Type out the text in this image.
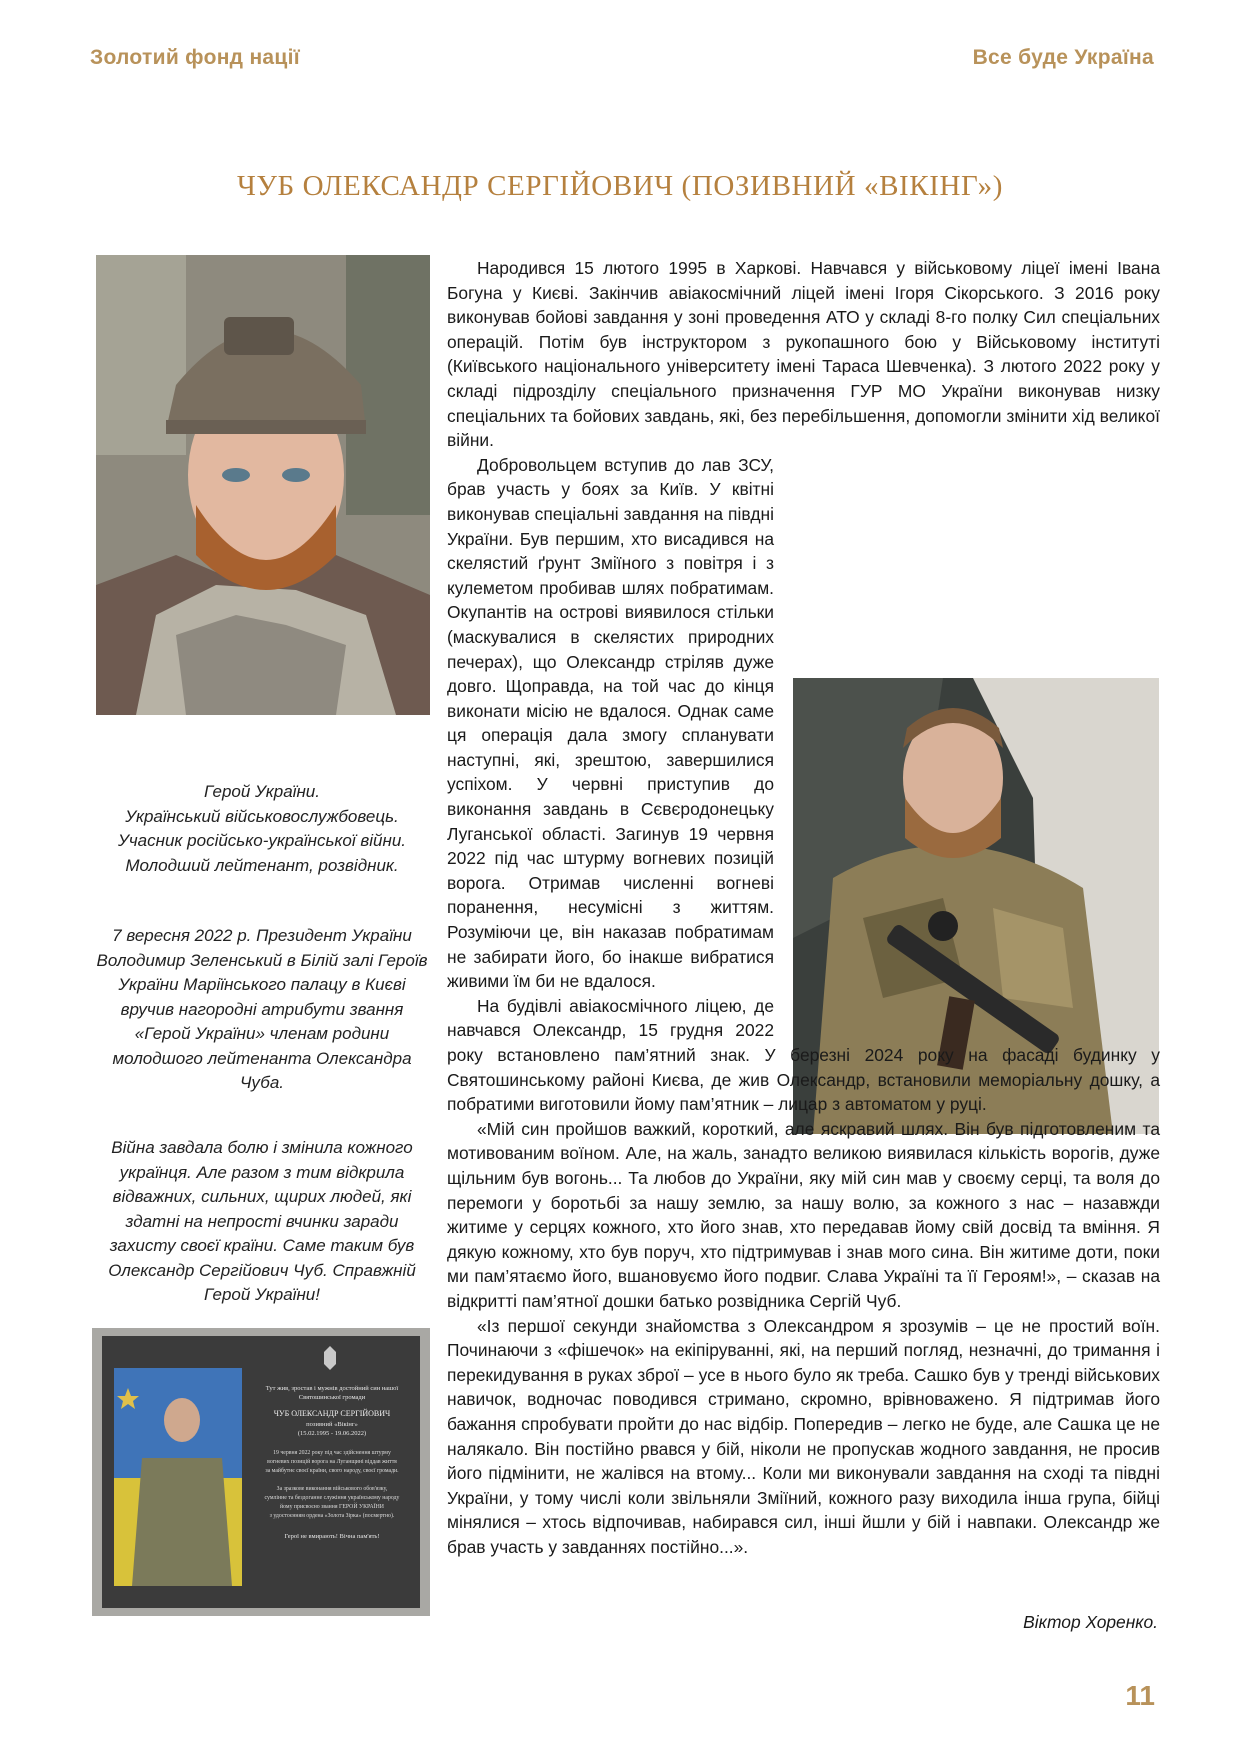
Золотий фонд нації	Все буде Україна
ЧУБ ОЛЕКСАНДР СЕРГІЙОВИЧ (ПОЗИВНИЙ «ВІКІНГ»)

Герой України.

Український військовослужбовець.

Учасник російсько-української війни.

Молодший лейтенант, розвідник.

7 вересня 2022 р. Президент України Володимир Зеленський в Білій залі Героїв України Маріїнського палацу в Києві вручив нагородні атрибути звання «Герой України» членам родини молодшого лейтенанта Олександра Чуба.

Війна завдала болю і змінила кожного українця. Але разом з тим відкрила відважних, сильних, щирих людей, які здатні на непрості вчинки заради захисту своєї країни. Саме таким був Олександр Сергійович Чуб. Справжній Герой України!

Тут жив, зростав і мужнів достойний син нашої
Святошинської громади
ЧУБ ОЛЕКСАНДР СЕРГІЙОВИЧ
позивний «Вікінг»
(15.02.1995 - 19.06.2022)
19 червня 2022 року під час здійснення штурму
вогневих позицій ворога на Луганщині віддав життя
за майбутнє своєї країни, свого народу, своєї громади.
За зразкове виконання військового обов'язку,
сумлінне та бездоганне служіння українському народу
йому присвоєно звання ГЕРОЙ УКРАЇНИ
з удостоєнням ордена «Золота Зірка» (посмертно).
Герої не вмирають! Вічна пам'ять!

Народився 15 лютого 1995 в Харкові. Навчався у військовому ліцеї імені Івана Богуна у Києві. Закінчив авіакосмічний ліцей імені Ігоря Сікорського. З 2016 року виконував бойові завдання у зоні проведення АТО у складі 8-го полку Сил спеціальних операцій. Потім був інструктором з рукопашного бою у Військовому інституті (Київського національного університету імені Тараса Шевченка). З лютого 2022 року у складі підрозділу спеціального призначення ГУР МО України виконував низку спеціальних та бойових завдань, які, без перебільшення, допомогли змінити хід великої війни.

Добровольцем вступив до лав ЗСУ, брав участь у боях за Київ. У квітні виконував спеціальні завдання на півдні України. Був першим, хто висадився на скелястий ґрунт Зміїного з повітря і з кулеметом пробивав шлях побратимам. Окупантів на острові виявилося стільки (маскувалися в скелястих природних печерах), що Олександр стріляв дуже довго. Щоправда, на той час до кінця виконати місію не вдалося. Однак саме ця операція дала змогу спланувати наступні, які, зрештою, завершилися успіхом. У червні приступив до виконання завдань в Сєвєродонецьку Луганської області. Загинув 19 червня 2022 під час штурму вогневих позицій ворога. Отримав численні вогневі поранення, несумісні з життям. Розуміючи це, він наказав побратимам не забирати його, бо інакше вибратися живими їм би не вдалося.

На будівлі авіакосмічного ліцею, де навчався Олександр, 15 грудня 2022 року встановлено пам’ятний знак. У березні 2024 року на фасаді будинку у Святошинському районі Києва, де жив Олександр, встановили меморіальну дошку, а побратими виготовили йому пам’ятник – лицар з автоматом у руці.

«Мій син пройшов важкий, короткий, але яскравий шлях. Він був підготовленим та мотивованим воїном. Але, на жаль, занадто великою виявилася кількість ворогів, дуже щільним був вогонь... Та любов до України, яку мій син мав у своєму серці, та воля до перемоги у боротьбі за нашу землю, за нашу волю, за кожного з нас – назавжди житиме у серцях кожного, хто його знав, хто передавав йому свій досвід та вміння. Я дякую кожному, хто був поруч, хто підтримував і знав мого сина. Він житиме доти, поки ми пам’ятаємо його, вшановуємо його подвиг. Слава Україні та її Героям!», – сказав на відкритті пам’ятної дошки батько розвідника Сергій Чуб.

«Із першої секунди знайомства з Олександром я зрозумів – це не простий воїн. Починаючи з «фішечок» на екіпіруванні, які, на перший погляд, незначні, до тримання і перекидування в руках зброї – усе в нього було як треба. Сашко був у тренді військових навичок, водночас поводився стримано, скромно, врівноважено. Я підтримав його бажання спробувати пройти до нас відбір. Попередив – легко не буде, але Сашка це не налякало. Він постійно рвався у бій, ніколи не пропускав жодного завдання, не просив його підмінити, не жалівся на втому... Коли ми виконували завдання на сході та півдні України, у тому числі коли звільняли Зміїний, кожного разу виходила інша група, бійці мінялися – хтось відпочивав, набирався сил, інші йшли у бій і навпаки. Олександр же брав участь у завданнях постійно...».

Віктор Хоренко.
11
